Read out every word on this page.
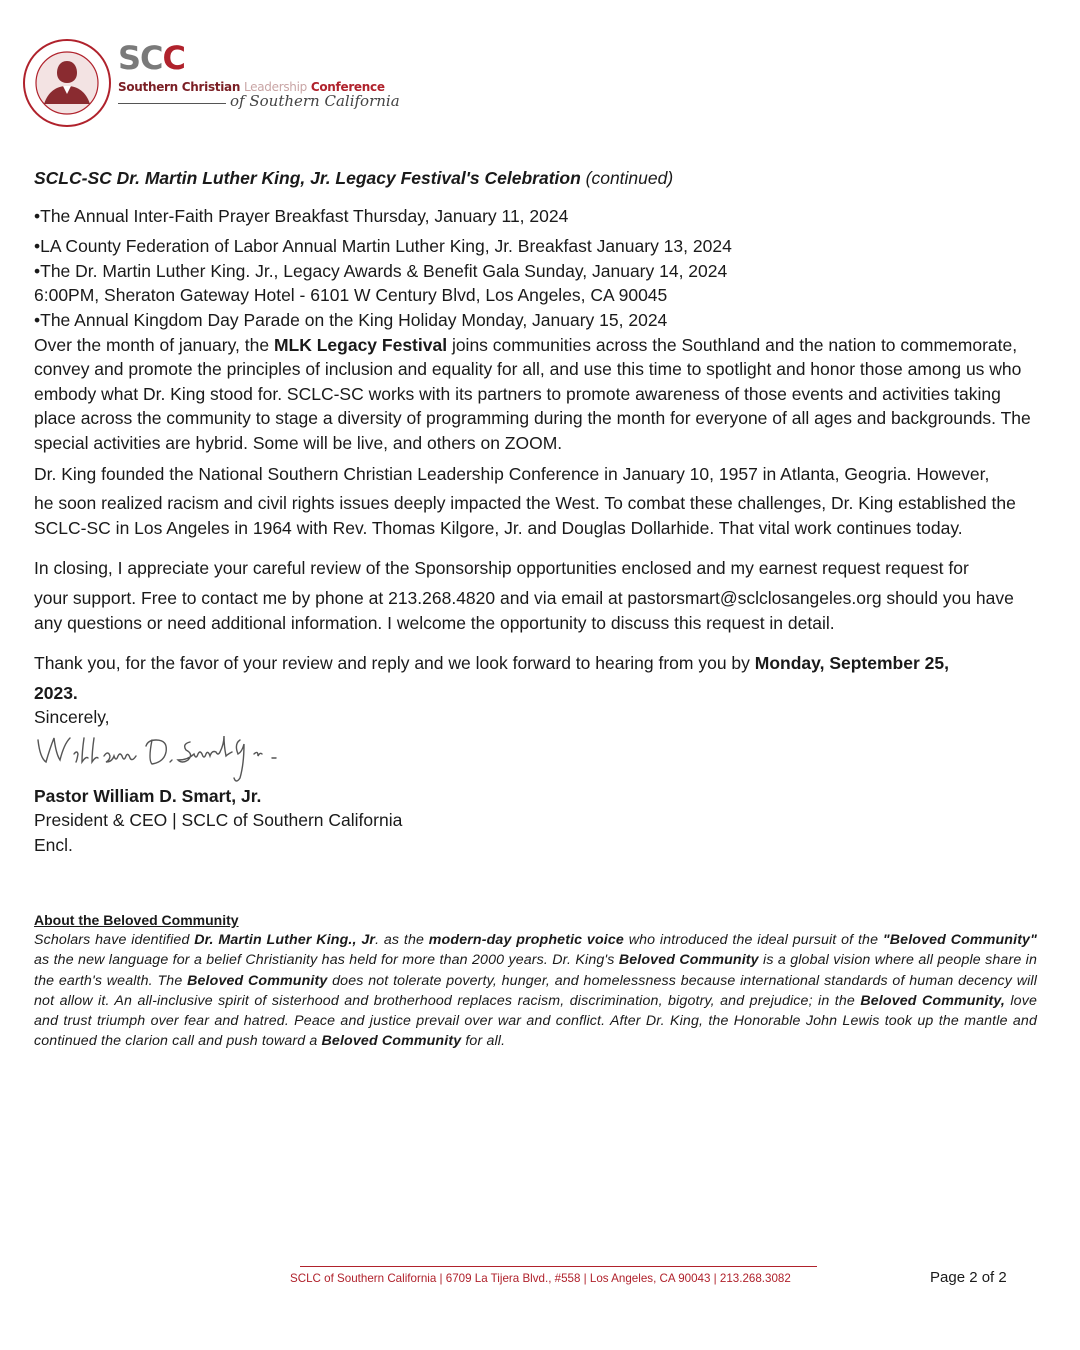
SCC
Southern Christian Leadership Conference
of Southern California

SCLC-SC Dr. Martin Luther King, Jr. Legacy Festival's Celebration (continued)

•The Annual Inter-Faith Prayer Breakfast Thursday, January 11, 2024

•LA County Federation of Labor Annual Martin Luther King, Jr. Breakfast January 13, 2024

•The Dr. Martin Luther King. Jr., Legacy Awards & Benefit Gala Sunday, January 14, 2024

6:00PM, Sheraton Gateway Hotel - 6101 W Century Blvd, Los Angeles, CA 90045

•The Annual Kingdom Day Parade on the King Holiday Monday, January 15, 2024

Over the month of january, the MLK Legacy Festival joins communities across the Southland and the nation to commemorate, convey and promote the principles of inclusion and equality for all, and use this time to spotlight and honor those among us who embody what Dr. King stood for. SCLC-SC works with its partners to promote awareness of those events and activities taking place across the community to stage a diversity of programming during the month for everyone of all ages and backgrounds. The special activities are hybrid. Some will be live, and others on ZOOM.

Dr. King founded the National Southern Christian Leadership Conference in January 10, 1957 in Atlanta, Geogria. However,
he soon realized racism and civil rights issues deeply impacted the West. To combat these challenges, Dr. King established the SCLC-SC in Los Angeles in 1964 with Rev. Thomas Kilgore, Jr. and Douglas Dollarhide. That vital work continues today.

In closing, I appreciate your careful review of the Sponsorship opportunities enclosed and my earnest request request for
your support. Free to contact me by phone at 213.268.4820 and via email at pastorsmart@sclclosangeles.org should you have any questions or need additional information. I welcome the opportunity to discuss this request in detail.

Thank you, for the favor of your review and reply and we look forward to hearing from you by Monday, September 25,
2023.

Sincerely,

Pastor William D. Smart, Jr.

President & CEO | SCLC of Southern California

Encl.

About the Beloved Community

Scholars have identified Dr. Martin Luther King., Jr. as the modern-day prophetic voice who introduced the ideal pursuit of the "Beloved Community" as the new language for a belief Christianity has held for more than 2000 years. Dr. King's Beloved Community is a global vision where all people share in the earth's wealth. The Beloved Community does not tolerate poverty, hunger, and homelessness because international standards of human decency will not allow it. An all-inclusive spirit of sisterhood and brotherhood replaces racism, discrimination, bigotry, and prejudice; in the Beloved Community, love and trust triumph over fear and hatred. Peace and justice prevail over war and conflict. After Dr. King, the Honorable John Lewis took up the mantle and continued the clarion call and push toward a Beloved Community for all.

SCLC of Southern California | 6709 La Tijera Blvd., #558 | Los Angeles, CA 90043 | 213.268.3082	Page 2 of 2
